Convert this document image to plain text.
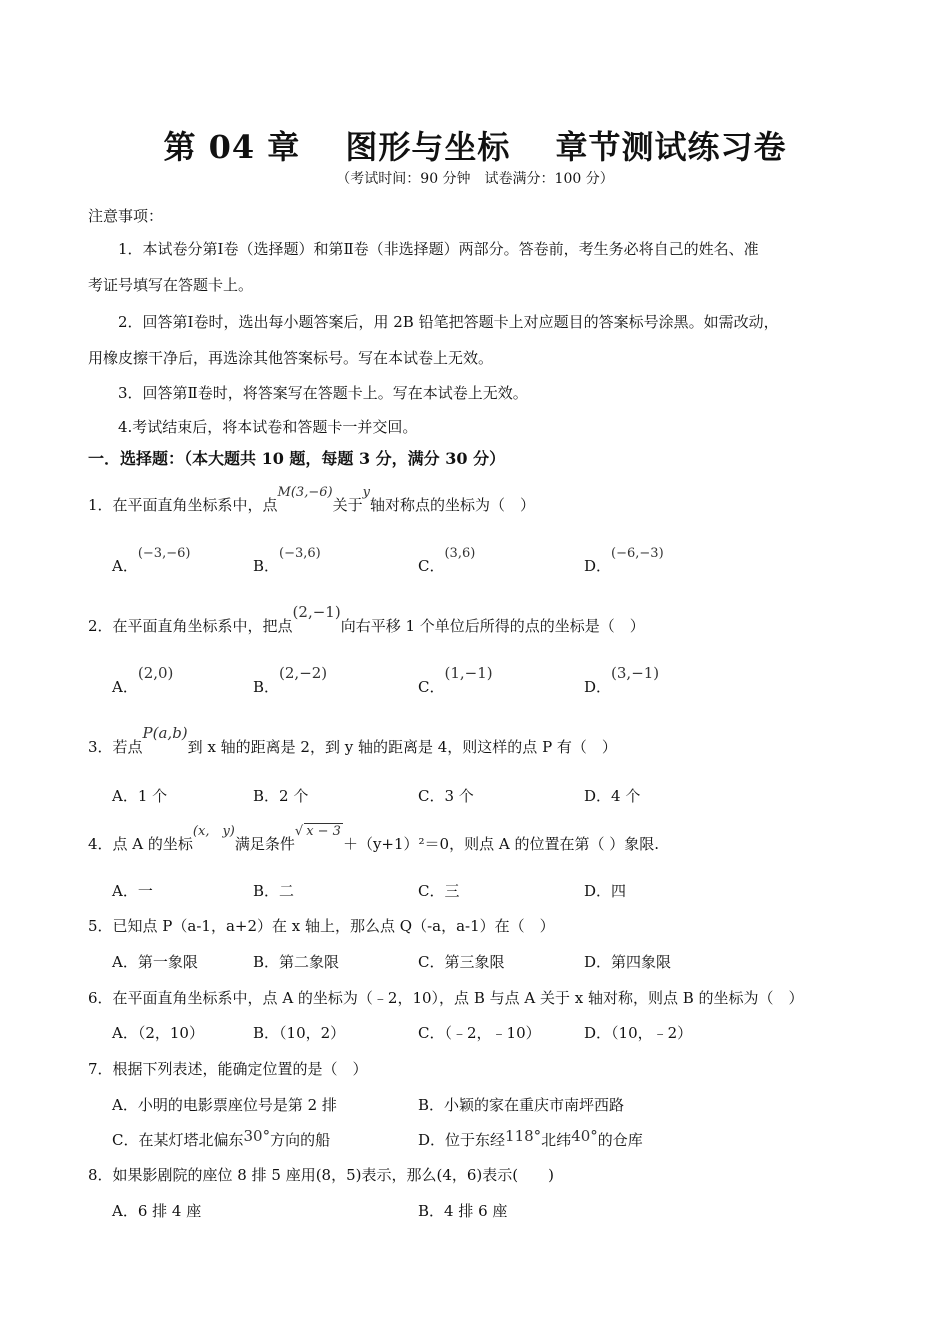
第 04 章　 图形与坐标　 章节测试练习卷
（考试时间：90 分钟　试卷满分：100 分）
注意事项：
1．本试卷分第Ⅰ卷（选择题）和第Ⅱ卷（非选择题）两部分。答卷前，考生务必将自己的姓名、准
考证号填写在答题卡上。
2．回答第Ⅰ卷时，选出每小题答案后，用 2B 铅笔把答题卡上对应题目的答案标号涂黑。如需改动，
用橡皮擦干净后，再选涂其他答案标号。写在本试卷上无效。
3．回答第Ⅱ卷时，将答案写在答题卡上。写在本试卷上无效。
4.考试结束后，将本试卷和答题卡一并交回。
一．选择题：（本大题共 10 题，每题 3 分，满分 30 分）
1．在平面直角坐标系中，点M(3,−6)关于y轴对称点的坐标为（　）
A．(−3,−6)
B．(−3,6)
C．(3,6)
D．(−6,−3)
2．在平面直角坐标系中，把点(2,−1)向右平移 1 个单位后所得的点的坐标是（　）
A．(2,0)
B．(2,−2)
C．(1,−1)
D．(3,−1)
3．若点P(a,b)到 x 轴的距离是 2，到 y 轴的距离是 4，则这样的点 P 有（　）
A．1 个	B．2 个	C．3 个	D．4 个
4．点 A 的坐标(x,　y)满足条件√ x − 3＋（y+1）²＝0，则点 A 的位置在第（ ）象限.
A．一	B．二	C．三	D．四
5．已知点 P（a-1，a+2）在 x 轴上，那么点 Q（-a，a-1）在（　）
A．第一象限	B．第二象限	C．第三象限	D．第四象限
6．在平面直角坐标系中，点 A 的坐标为（﹣2，10），点 B 与点 A 关于 x 轴对称，则点 B 的坐标为（　）
A．（2，10）	B．（10，2）	C．（﹣2，﹣10）	D．（10，﹣2）
7．根据下列表述，能确定位置的是（　）
A．小明的电影票座位号是第 2 排	B．小颖的家在重庆市南坪西路
C．在某灯塔北偏东30°方向的船	D．位于东经118°北纬40°的仓库
8．如果影剧院的座位 8 排 5 座用(8，5)表示，那么(4，6)表示(　　)
A．6 排 4 座	B．4 排 6 座
